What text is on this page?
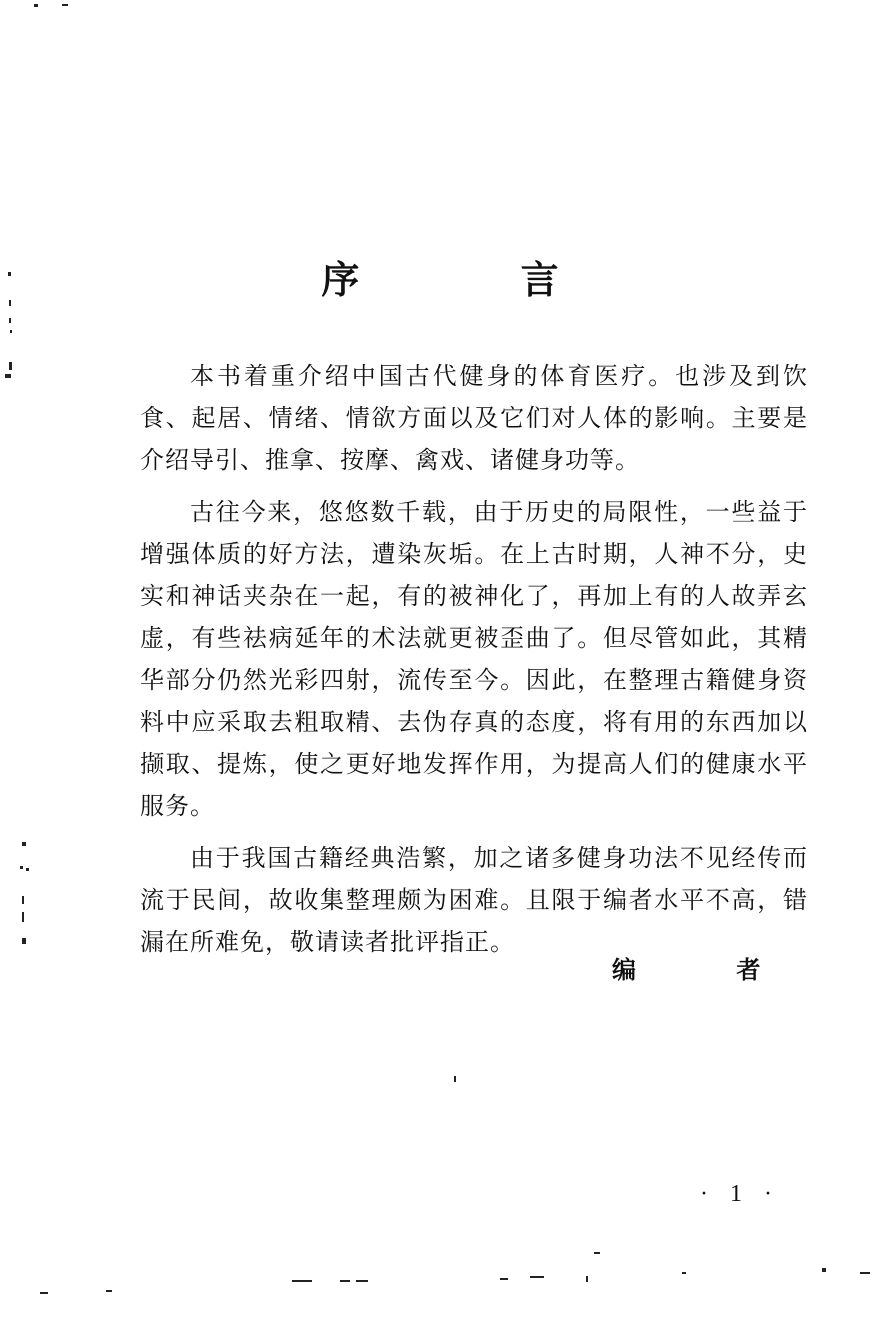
序 言

本书着重介绍中国古代健身的体育医疗。也涉及到饮食、起居、情绪、情欲方面以及它们对人体的影响。主要是介绍导引、推拿、按摩、禽戏、诸健身功等。

古往今来，悠悠数千载，由于历史的局限性，一些益于增强体质的好方法，遭染灰垢。在上古时期，人神不分，史实和神话夹杂在一起，有的被神化了，再加上有的人故弄玄虚，有些祛病延年的术法就更被歪曲了。但尽管如此，其精华部分仍然光彩四射，流传至今。因此，在整理古籍健身资料中应采取去粗取精、去伪存真的态度，将有用的东西加以撷取、提炼，使之更好地发挥作用，为提高人们的健康水平服务。

由于我国古籍经典浩繁，加之诸多健身功法不见经传而流于民间，故收集整理颇为困难。且限于编者水平不高，错漏在所难免，敬请读者批评指正。

编 者
· 1 ·
